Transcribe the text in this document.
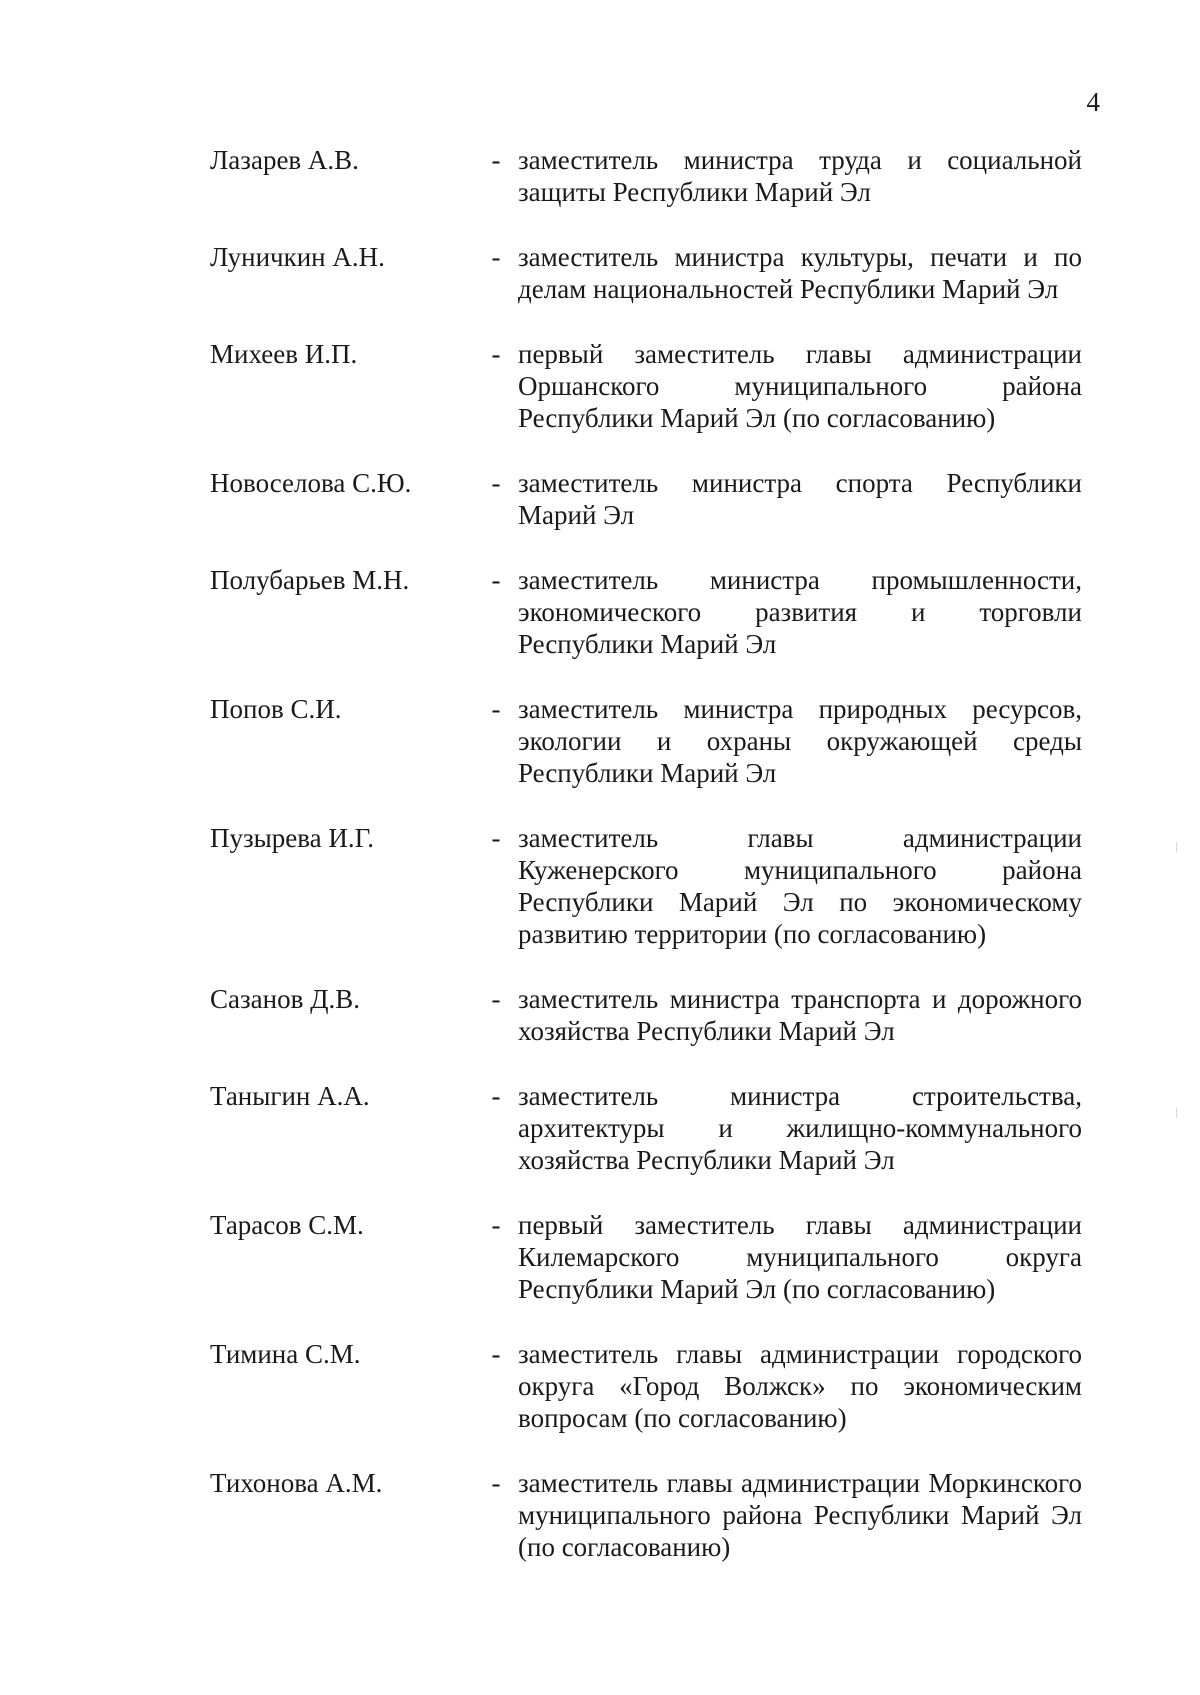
4
Лазарев А.В.	- заместитель министра труда и социальной защиты Республики Марий Эл
Луничкин А.Н.	- заместитель министра культуры, печати и по делам национальностей Республики Марий Эл
Михеев И.П.	- первый заместитель главы администрации Оршанского муниципального района Республики Марий Эл (по согласованию)
Новоселова С.Ю.	- заместитель министра спорта Республики Марий Эл
Полубарьев М.Н.	- заместитель министра промышленности, экономического развития и торговли Республики Марий Эл
Попов С.И.	- заместитель министра природных ресурсов, экологии и охраны окружающей среды Республики Марий Эл
Пузырева И.Г.	- заместитель главы администрации Куженерского муниципального района Республики Марий Эл по экономическому развитию территории (по согласованию)
Сазанов Д.В.	- заместитель министра транспорта и дорожного хозяйства Республики Марий Эл
Таныгин А.А.	- заместитель министра строительства, архитектуры и жилищно-коммунального хозяйства Республики Марий Эл
Тарасов С.М.	- первый заместитель главы администрации Килемарского муниципального округа Республики Марий Эл (по согласованию)
Тимина С.М.	- заместитель главы администрации городского округа «Город Волжск» по экономическим вопросам (по согласованию)
Тихонова А.М.	- заместитель главы администрации Моркинского муниципального района Республики Марий Эл (по согласованию)
